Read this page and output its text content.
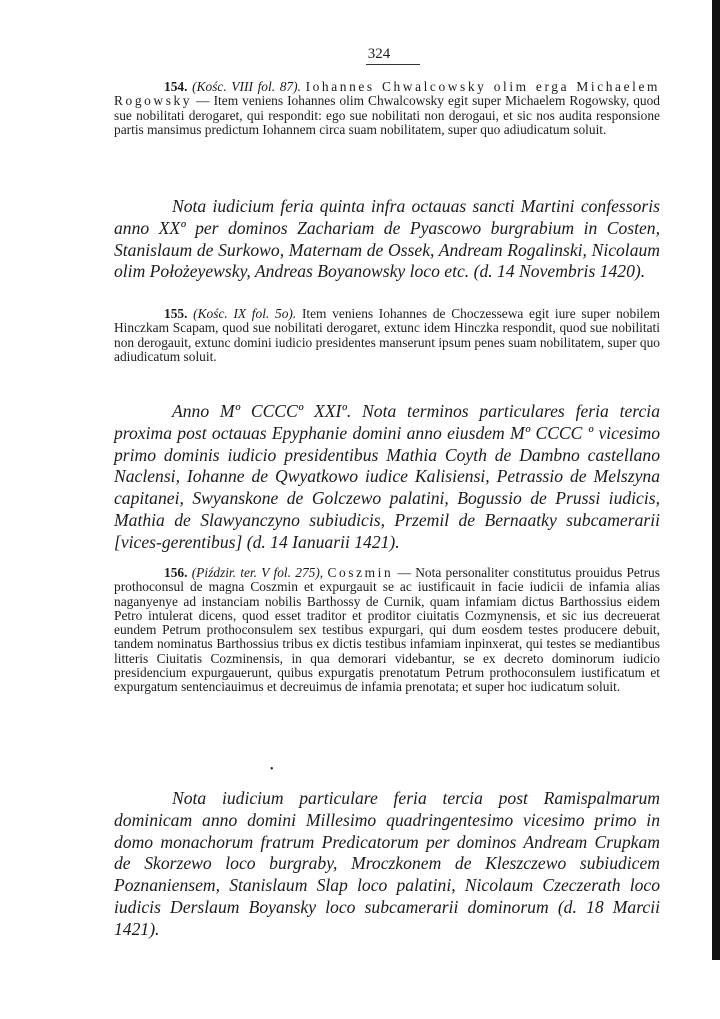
324
154. (Kośc. VIII fol. 87). Iohannes Chwalcowsky olim erga Michaelem Rogowsky — Item veniens Iohannes olim Chwalcowsky egit super Michaelem Rogowsky, quod sue nobilitati derogaret, qui respondit: ego sue nobilitati non derogaui, et sic nos audita responsione partis mansimus predictum Iohannem circa suam nobilitatem, super quo adiudicatum soluit.
Nota iudicium feria quinta infra octauas sancti Martini confessoris anno XXº per dominos Zachariam de Pyascowo burgrabium in Costen, Stanislaum de Surkowo, Maternam de Ossek, Andream Rogalinski, Nicolaum olim Położeyewsky, Andreas Boyanowsky loco etc. (d. 14 Novembris 1420).
155. (Kośc. IX fol. 5o). Item veniens Iohannes de Choczessewa egit iure super nobilem Hinczkam Scapam, quod sue nobilitati derogaret, extunc idem Hinczka respondit, quod sue nobilitati non derogauit, extunc domini iudicio presidentes manserunt ipsum penes suam nobilitatem, super quo adiudicatum soluit.
Anno Mº CCCCº XXIº. Nota terminos particulares feria tercia proxima post octauas Epyphanie domini anno eiusdem Mº CCCC º vicesimo primo dominis iudicio presidentibus Mathia Coyth de Dambno castellano Naclensi, Iohanne de Qwyatkowo iudice Kalisiensi, Petrassio de Melszyna capitanei, Swyanskone de Golczewo palatini, Bogussio de Prussi iudicis, Mathia de Slawyanczyno subiudicis, Przemil de Bernaatky subcamerarii [vices-gerentibus] (d. 14 Ianuarii 1421).
156. (Piździr. ter. V fol. 275), Coszmin — Nota personaliter constitutus prouidus Petrus prothoconsul de magna Coszmin et expurgauit se ac iustificauit in facie iudicii de infamia alias naganyenye ad instanciam nobilis Barthossy de Curnik, quam infamiam dictus Barthossius eidem Petro intulerat dicens, quod esset traditor et proditor ciuitatis Cozmynensis, et sic ius decreuerat eundem Petrum prothoconsulem sex testibus expurgari, qui dum eosdem testes producere debuit, tandem nominatus Barthossius tribus ex dictis testibus infamiam inpinxerat, qui testes se mediantibus litteris Ciuitatis Cozminensis, in qua demorari videbantur, se ex decreto dominorum iudicio presidencium expurgauerunt, quibus expurgatis prenotatum Petrum prothoconsulem iustificatum et expurgatum sentenciauimus et decreuimus de infamia prenotata; et super hoc iudicatum soluit.
•
Nota iudicium particulare feria tercia post Ramispalmarum dominicam anno domini Millesimo quadringentesimo vicesimo primo in domo monachorum fratrum Predicatorum per dominos Andream Crupkam de Skorzewo loco burgraby, Mroczkonem de Kleszczewo subiudicem Poznaniensem, Stanislaum Slap loco palatini, Nicolaum Czeczerath loco iudicis Derslaum Boyansky loco subcamerarii dominorum (d. 18 Marcii 1421).
